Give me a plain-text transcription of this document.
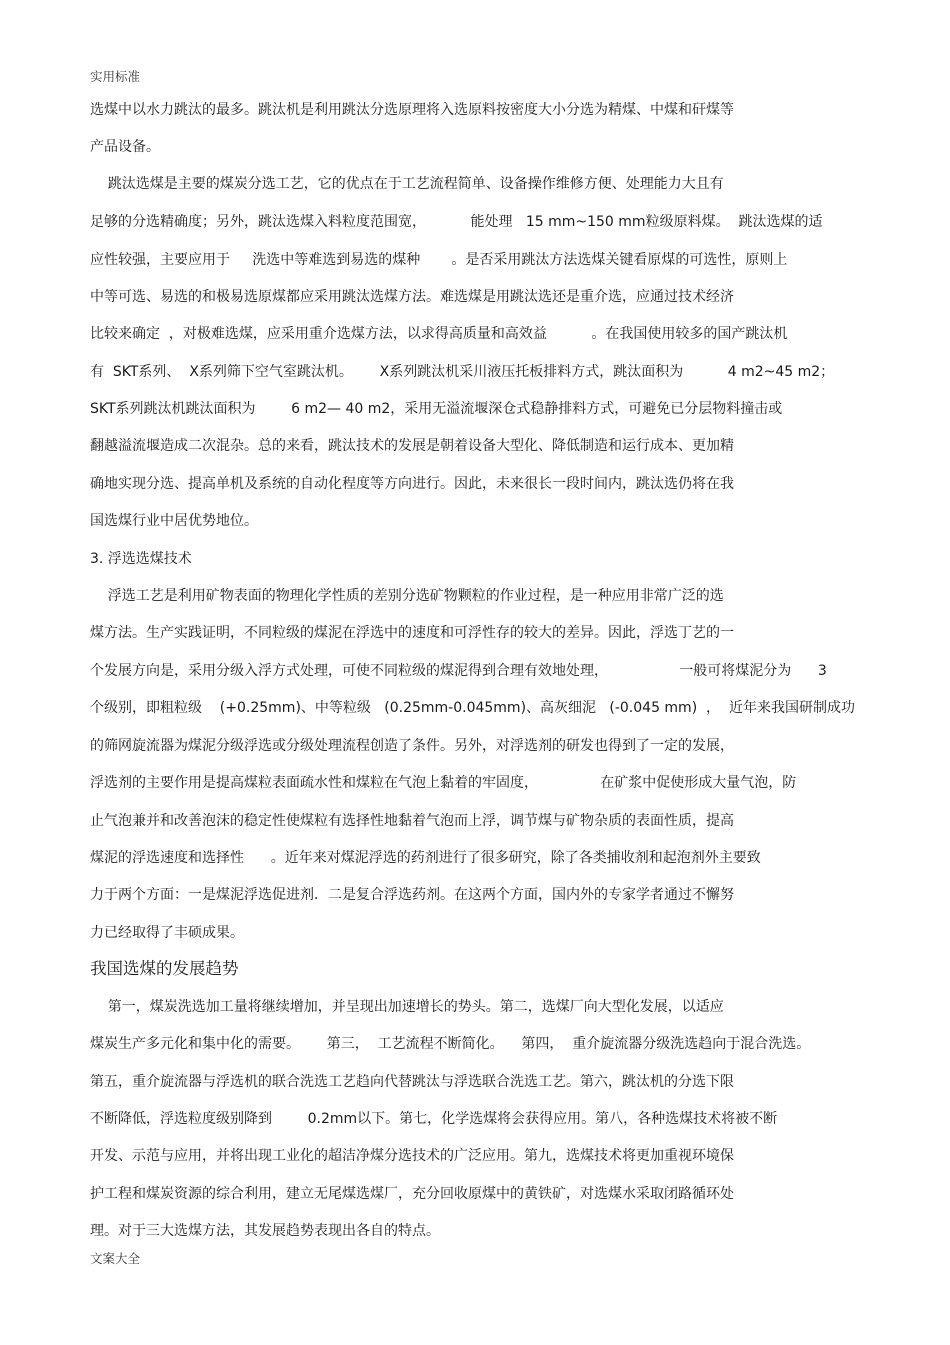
实用标准

选煤中以水力跳汰的最多。跳汰机是利用跳汰分选原理将入选原料按密度大小分选为精煤、中煤和矸煤等

产品设备。

跳汰选煤是主要的煤炭分选工艺，它的优点在于工艺流程简单、设备操作维修方便、处理能力大且有

足够的分选精确度；另外，跳汰选煤入料粒度范围宽，          能处理   15 mm~150 mm粒级原料煤。  跳汰选煤的适

应性较强，主要应用于     洗选中等难选到易选的煤种       。是否采用跳汰方法选煤关键看原煤的可选性，原则上

中等可选、易选的和极易选原煤都应采用跳汰选煤方法。难选煤是用跳汰选还是重介选，应通过技术经济

比较来确定  ，对极难选煤，应采用重介选煤方法，以求得高质量和高效益          。在我国使用较多的国产跳汰机

有  SKT系列、  X系列筛下空气室跳汰机。      X系列跳汰机采川液压托板排料方式，跳汰面积为          4 m2~45 m2；

SKT系列跳汰机跳汰面积为        6 m2— 40 m2，采用无溢流堰深仓式稳静排料方式，可避免已分层物料撞击或

翻越溢流堰造成二次混杂。总的来看，跳汰技术的发展是朝着设备大型化、降低制造和运行成本、更加精

确地实现分选、提高单机及系统的自动化程度等方向进行。因此，未来很长一段时间内，跳汰选仍将在我

国选煤行业中居优势地位。

3. 浮选选煤技术

浮选工艺是利用矿物表面的物理化学性质的差别分选矿物颗粒的作业过程，是一种应用非常广泛的选

煤方法。生产实践证明，不同粒级的煤泥在浮选中的速度和可浮性存的较大的差异。因此，浮选丁艺的一

个发展方向是，采用分级入浮方式处理，可使不同粒级的煤泥得到合理有效地处理，                一般可将煤泥分为      3

个级别，即粗粒级    (+0.25mm)、中等粒级   (0.25mm-0.045mm)、高灰细泥   (-0.045 mm)  ，  近年来我国研制成功

的筛网旋流器为煤泥分级浮选或分级处理流程创造了条件。另外，对浮选剂的研发也得到了一定的发展，

浮选剂的主要作用是提高煤粒表面疏水性和煤粒在气泡上黏着的牢固度，              在矿浆中促使形成大量气泡，防

止气泡兼并和改善泡沫的稳定性使煤粒有选择性地黏着气泡而上浮，调节煤与矿物杂质的表面性质，提高

煤泥的浮选速度和选择性      。近年来对煤泥浮选的药剂进行了很多研究，除了各类捕收剂和起泡剂外主要致

力于两个方面：一是煤泥浮选促进剂．二是复合浮选药剂。在这两个方面，国内外的专家学者通过不懈努

力已经取得了丰硕成果。

我国选煤的发展趋势

第一，煤炭洗选加工量将继续增加，并呈现出加速增长的势头。第二，选煤厂向大型化发展，以适应

煤炭生产多元化和集中化的需要。      第三，  工艺流程不断简化。    第四，  重介旋流器分级洗选趋向于混合洗选。

第五，重介旋流器与浮选机的联合洗选工艺趋向代替跳汰与浮选联合洗选工艺。第六，跳汰机的分选下限

不断降低，浮选粒度级别降到        0.2mm以下。第七，化学选煤将会获得应用。第八，各种选煤技术将被不断

开发、示范与应用，并将出现工业化的超洁净煤分选技术的广泛应用。第九，选煤技术将更加重视环境保

护工程和煤炭资源的综合利用，建立无尾煤选煤厂，充分回收原煤中的黄铁矿，对选煤水采取闭路循环处

理。对于三大选煤方法，其发展趋势表现出各自的特点。

文案大全
